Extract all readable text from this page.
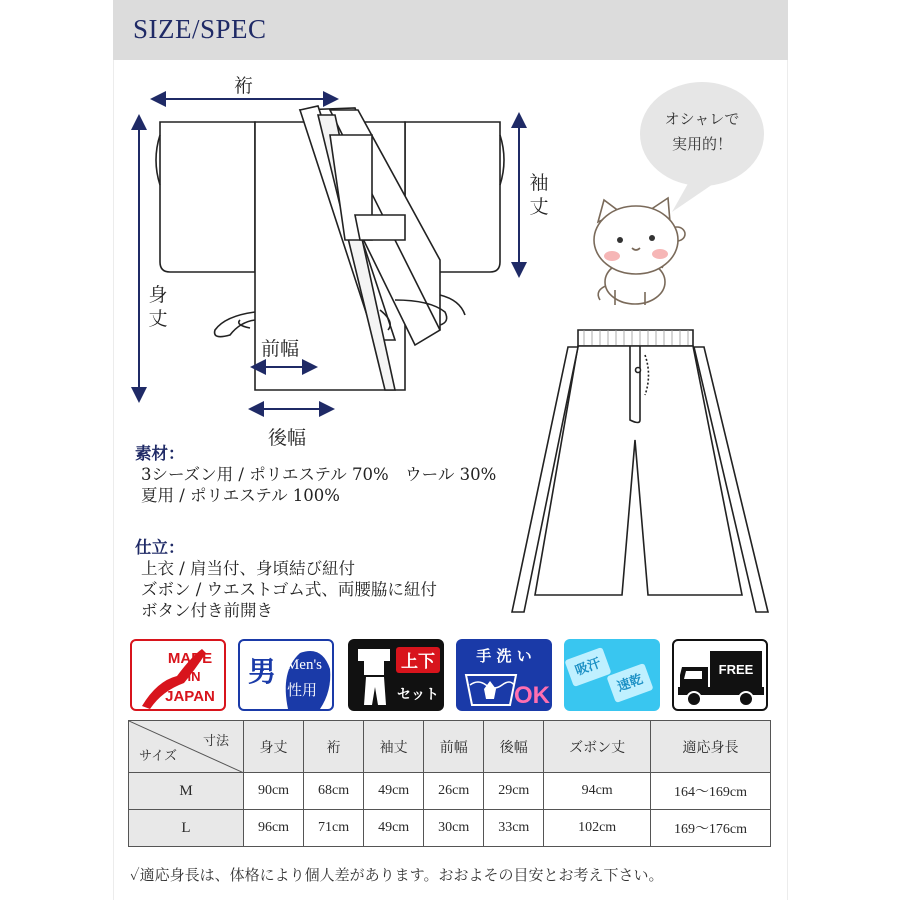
SIZE/SPEC
裄
袖
丈
身
丈
前幅
後幅
オシャレで
実用的！
素材：
3シーズン用 / ポリエステル 70%　ウール 30%
夏用 / ポリエステル 100%
仕立：
上衣 / 肩当付、身頃結び紐付
ズボン / ウエストゴム式、両腰脇に紐付
ボタン付き前開き
MADE
IN
JAPAN
男 Men's
性用
上下
セット
手 洗 い
OK
吸汗
速乾
FREE
寸法
サイズ	身丈	裄	袖丈	前幅	後幅	ズボン丈	適応身長
M	90cm	68cm	49cm	26cm	29cm	94cm	164〜169cm
L	96cm	71cm	49cm	30cm	33cm	102cm	169〜176cm
✓適応身長は、体格により個人差があります。おおよその目安とお考え下さい。
